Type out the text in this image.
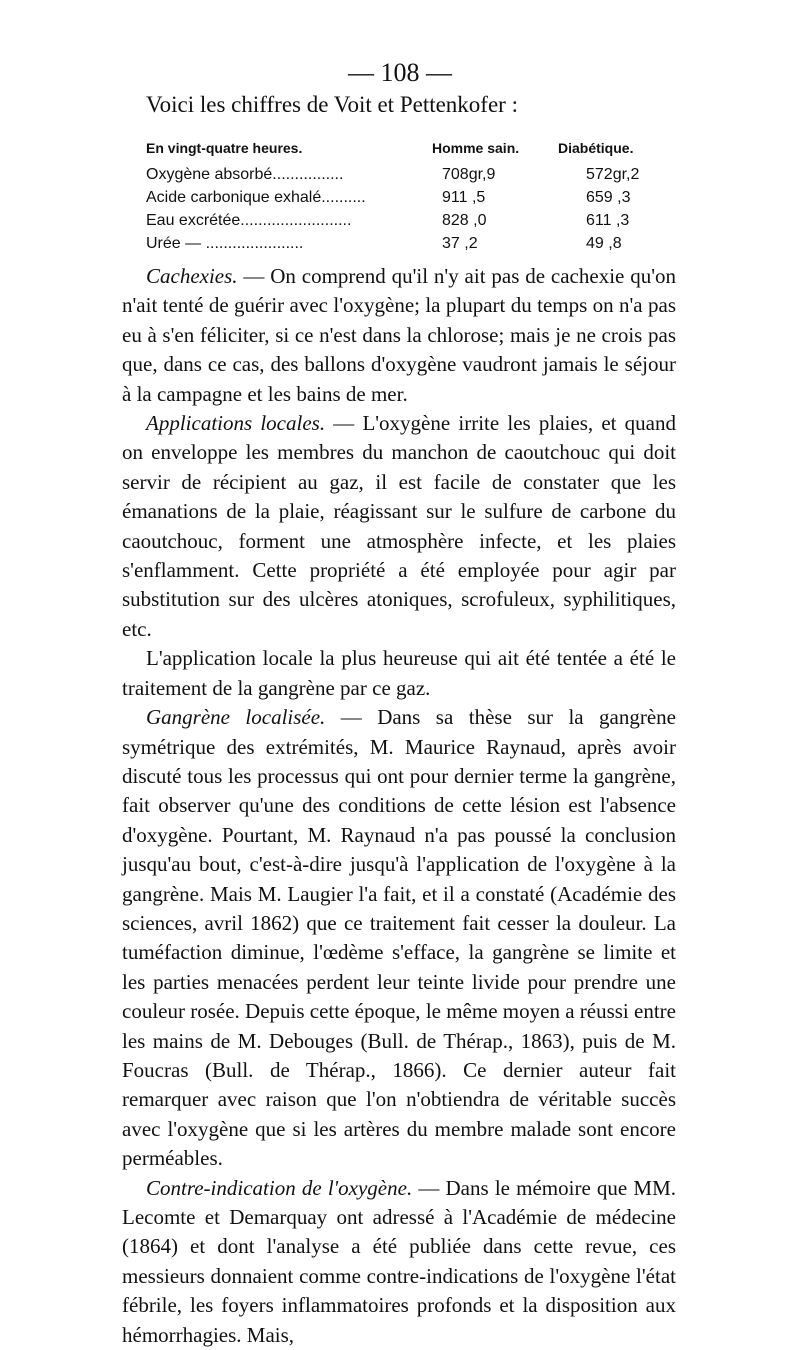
— 108 —
Voici les chiffres de Voit et Pettenkofer :
En vingt-quatre heures.	Homme sain.	Diabétique.
Oxygène absorbé................	708gr,9	572gr,2
Acide carbonique exhalé..........	911 ,5	659 ,3
Eau excrétée.........................	828 ,0	611 ,3
Urée — ......................	37 ,2	49 ,8

Cachexies. — On comprend qu'il n'y ait pas de cachexie qu'on n'ait tenté de guérir avec l'oxygène; la plupart du temps on n'a pas eu à s'en féliciter, si ce n'est dans la chlorose; mais je ne crois pas que, dans ce cas, des ballons d'oxygène vaudront jamais le séjour à la campagne et les bains de mer.

Applications locales. — L'oxygène irrite les plaies, et quand on enveloppe les membres du manchon de caoutchouc qui doit servir de récipient au gaz, il est facile de constater que les émanations de la plaie, réagissant sur le sulfure de carbone du caoutchouc, forment une atmosphère infecte, et les plaies s'enflamment. Cette propriété a été employée pour agir par substitution sur des ulcères atoniques, scrofuleux, syphilitiques, etc.

L'application locale la plus heureuse qui ait été tentée a été le traitement de la gangrène par ce gaz.

Gangrène localisée. — Dans sa thèse sur la gangrène symétrique des extrémités, M. Maurice Raynaud, après avoir discuté tous les processus qui ont pour dernier terme la gangrène, fait observer qu'une des conditions de cette lésion est l'absence d'oxygène. Pourtant, M. Raynaud n'a pas poussé la conclusion jusqu'au bout, c'est-à-dire jusqu'à l'application de l'oxygène à la gangrène. Mais M. Laugier l'a fait, et il a constaté (Académie des sciences, avril 1862) que ce traitement fait cesser la douleur. La tuméfaction diminue, l'œdème s'efface, la gangrène se limite et les parties menacées perdent leur teinte livide pour prendre une couleur rosée. Depuis cette époque, le même moyen a réussi entre les mains de M. Debouges (Bull. de Thérap., 1863), puis de M. Foucras (Bull. de Thérap., 1866). Ce dernier auteur fait remarquer avec raison que l'on n'obtiendra de véritable succès avec l'oxygène que si les artères du membre malade sont encore perméables.

Contre-indication de l'oxygène. — Dans le mémoire que MM. Lecomte et Demarquay ont adressé à l'Académie de médecine (1864) et dont l'analyse a été publiée dans cette revue, ces messieurs donnaient comme contre-indications de l'oxygène l'état fébrile, les foyers inflammatoires profonds et la disposition aux hémorrhagies. Mais,
